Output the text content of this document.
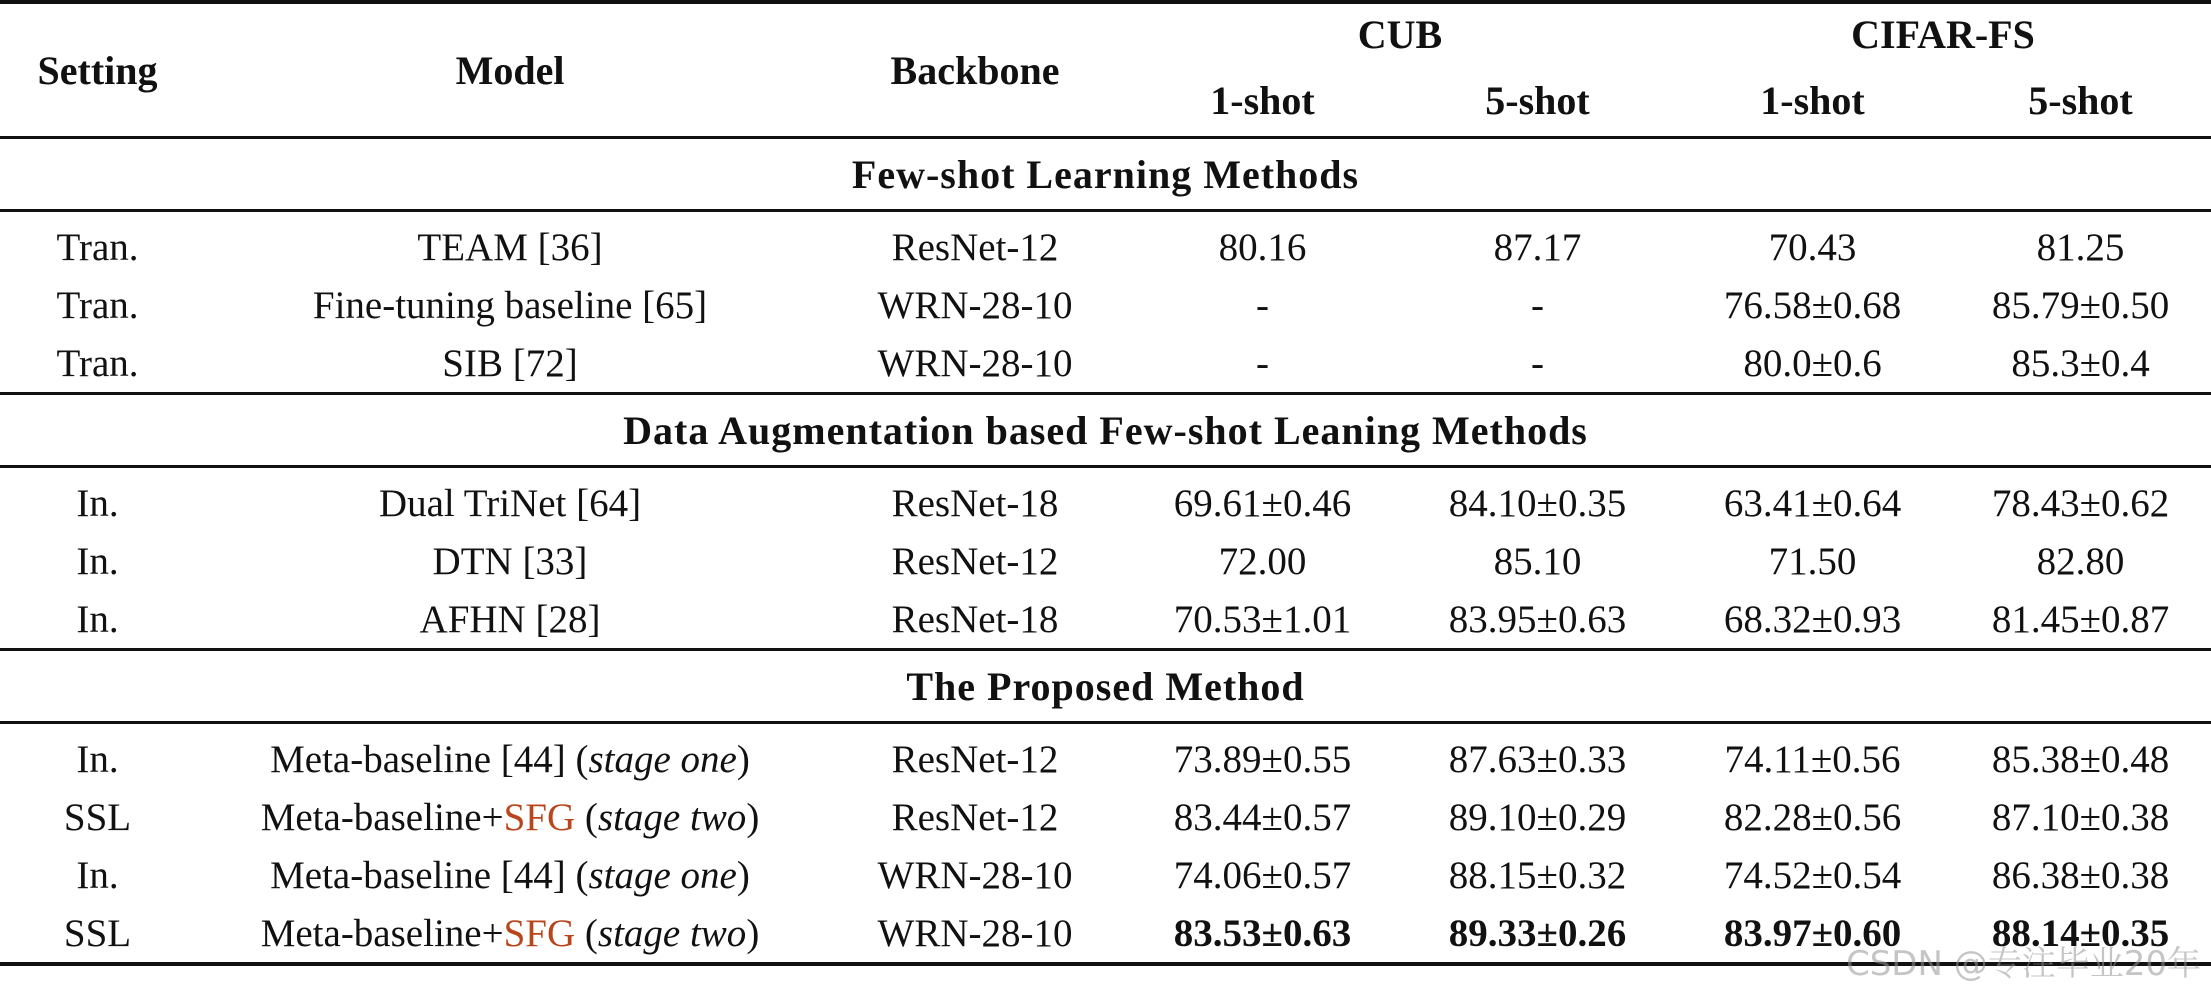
Setting	Model	Backbone	CUB		CIFAR-FS	
			1-shot	5-shot	1-shot	5-shot
Few-shot Learning Methods						
Tran.	TEAM [36]	ResNet-12	80.16	87.17	70.43	81.25
Tran.	Fine-tuning baseline [65]	WRN-28-10	-	-	76.58±0.68	85.79±0.50
Tran.	SIB [72]	WRN-28-10	-	-	80.0±0.6	85.3±0.4
Data Augmentation based Few-shot Leaning Methods						
In.	Dual TriNet [64]	ResNet-18	69.61±0.46	84.10±0.35	63.41±0.64	78.43±0.62
In.	DTN [33]	ResNet-12	72.00	85.10	71.50	82.80
In.	AFHN [28]	ResNet-18	70.53±1.01	83.95±0.63	68.32±0.93	81.45±0.87
The Proposed Method						
In.	Meta-baseline [44] (stage one)	ResNet-12	73.89±0.55	87.63±0.33	74.11±0.56	85.38±0.48
SSL	Meta-baseline+SFG (stage two)	ResNet-12	83.44±0.57	89.10±0.29	82.28±0.56	87.10±0.38
In.	Meta-baseline [44] (stage one)	WRN-28-10	74.06±0.57	88.15±0.32	74.52±0.54	86.38±0.38
SSL	Meta-baseline+SFG (stage two)	WRN-28-10	83.53±0.63	89.33±0.26	83.97±0.60	88.14±0.35
CSDN @专注毕业20年
